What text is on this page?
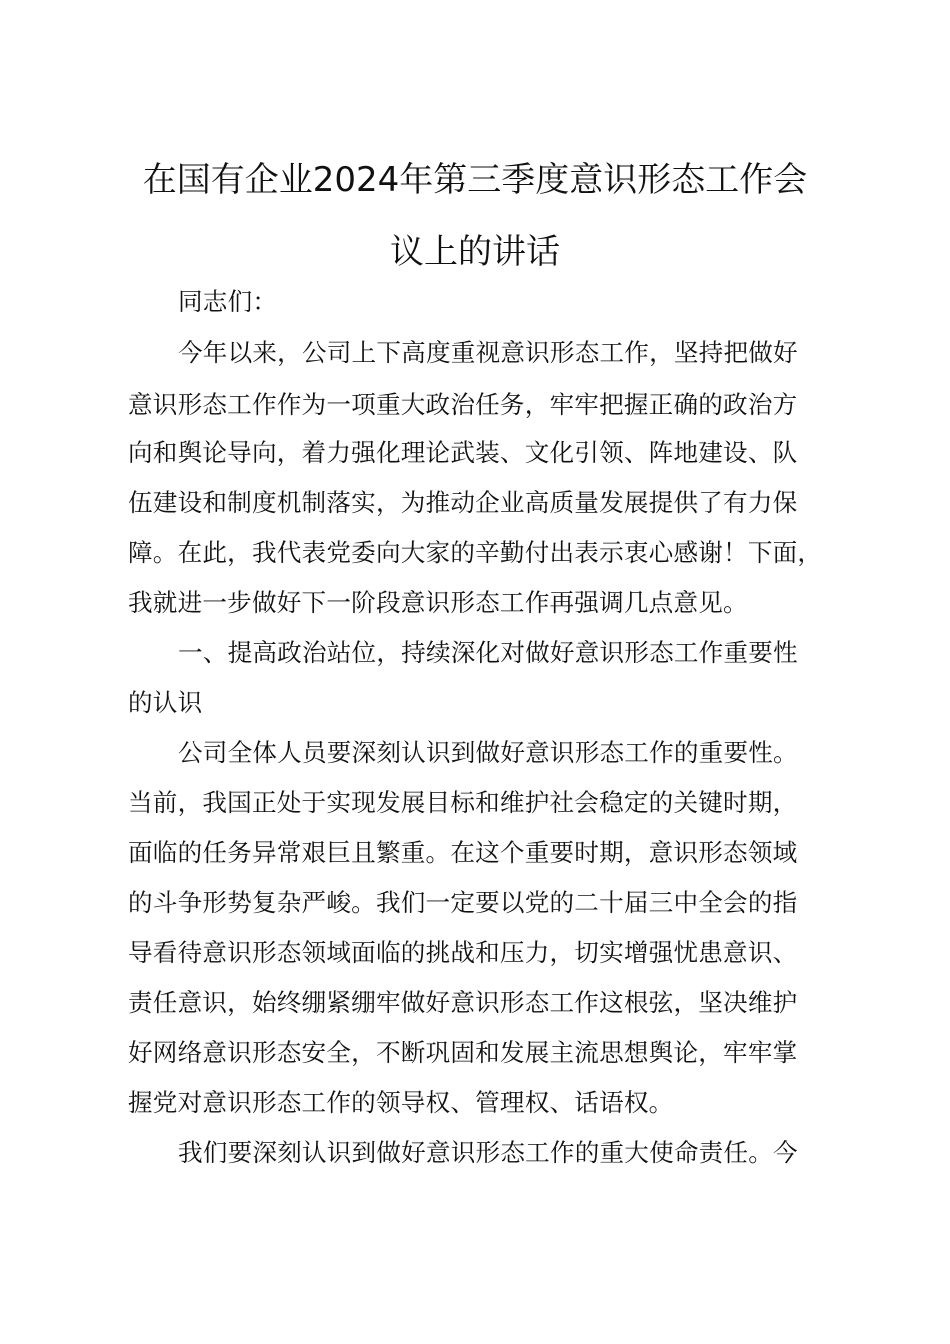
在国有企业2024年第三季度意识形态工作会
议上的讲话
同志们：
今年以来，公司上下高度重视意识形态工作，坚持把做好
意识形态工作作为一项重大政治任务，牢牢把握正确的政治方
向和舆论导向，着力强化理论武装、文化引领、阵地建设、队
伍建设和制度机制落实，为推动企业高质量发展提供了有力保
障。在此，我代表党委向大家的辛勤付出表示衷心感谢！下面，
我就进一步做好下一阶段意识形态工作再强调几点意见。
一、提高政治站位，持续深化对做好意识形态工作重要性
的认识
公司全体人员要深刻认识到做好意识形态工作的重要性。
当前，我国正处于实现发展目标和维护社会稳定的关键时期，
面临的任务异常艰巨且繁重。在这个重要时期，意识形态领域
的斗争形势复杂严峻。我们一定要以党的二十届三中全会的指
导看待意识形态领域面临的挑战和压力，切实增强忧患意识、
责任意识，始终绷紧绷牢做好意识形态工作这根弦，坚决维护
好网络意识形态安全，不断巩固和发展主流思想舆论，牢牢掌
握党对意识形态工作的领导权、管理权、话语权。
我们要深刻认识到做好意识形态工作的重大使命责任。今
